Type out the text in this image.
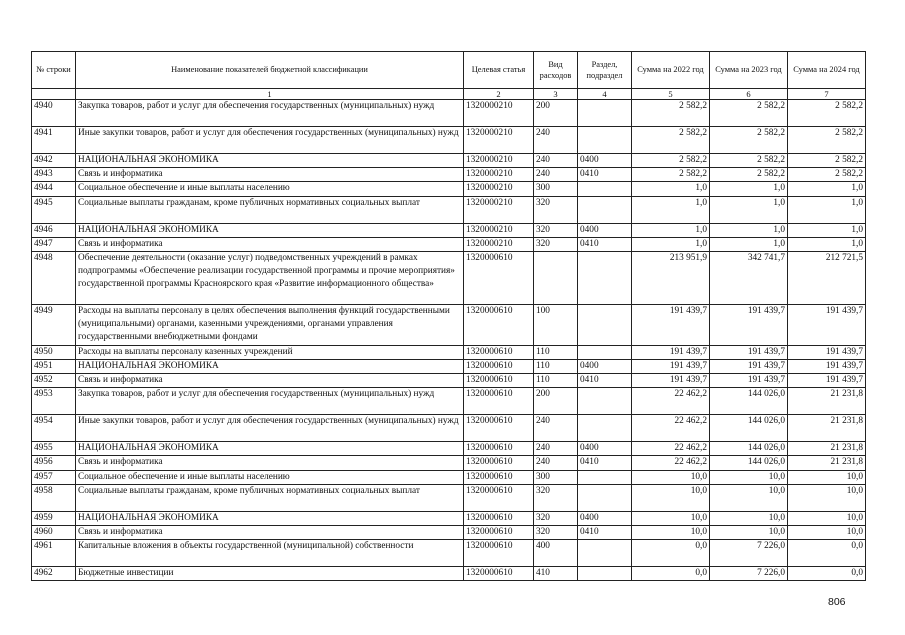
№ строки	Наименование показателей бюджетной классификации	Целевая статья	Вид расходов	Раздел, подраздел	Сумма на 2022 год	Сумма на 2023 год	Сумма на 2024 год
	1	2	3	4	5	6	7
4940	Закупка товаров, работ и услуг для обеспечения государственных (муниципальных) нужд	1320000210	200		2 582,2	2 582,2	2 582,2
4941	Иные закупки товаров, работ и услуг для обеспечения государственных (муниципальных) нужд	1320000210	240		2 582,2	2 582,2	2 582,2
4942	НАЦИОНАЛЬНАЯ ЭКОНОМИКА	1320000210	240	0400	2 582,2	2 582,2	2 582,2
4943	Связь и информатика	1320000210	240	0410	2 582,2	2 582,2	2 582,2
4944	Социальное обеспечение и иные выплаты населению	1320000210	300		1,0	1,0	1,0
4945	Социальные выплаты гражданам, кроме публичных нормативных социальных выплат	1320000210	320		1,0	1,0	1,0
4946	НАЦИОНАЛЬНАЯ ЭКОНОМИКА	1320000210	320	0400	1,0	1,0	1,0
4947	Связь и информатика	1320000210	320	0410	1,0	1,0	1,0
4948	Обеспечение деятельности (оказание услуг) подведомственных учреждений в рамках подпрограммы «Обеспечение реализации государственной программы и прочие мероприятия» государственной программы Красноярского края «Развитие информационного общества»	1320000610			213 951,9	342 741,7	212 721,5
4949	Расходы на выплаты персоналу в целях обеспечения выполнения функций государственными (муниципальными) органами, казенными учреждениями, органами управления государственными внебюджетными фондами	1320000610	100		191 439,7	191 439,7	191 439,7
4950	Расходы на выплаты персоналу казенных учреждений	1320000610	110		191 439,7	191 439,7	191 439,7
4951	НАЦИОНАЛЬНАЯ ЭКОНОМИКА	1320000610	110	0400	191 439,7	191 439,7	191 439,7
4952	Связь и информатика	1320000610	110	0410	191 439,7	191 439,7	191 439,7
4953	Закупка товаров, работ и услуг для обеспечения государственных (муниципальных) нужд	1320000610	200		22 462,2	144 026,0	21 231,8
4954	Иные закупки товаров, работ и услуг для обеспечения государственных (муниципальных) нужд	1320000610	240		22 462,2	144 026,0	21 231,8
4955	НАЦИОНАЛЬНАЯ ЭКОНОМИКА	1320000610	240	0400	22 462,2	144 026,0	21 231,8
4956	Связь и информатика	1320000610	240	0410	22 462,2	144 026,0	21 231,8
4957	Социальное обеспечение и иные выплаты населению	1320000610	300		10,0	10,0	10,0
4958	Социальные выплаты гражданам, кроме публичных нормативных социальных выплат	1320000610	320		10,0	10,0	10,0
4959	НАЦИОНАЛЬНАЯ ЭКОНОМИКА	1320000610	320	0400	10,0	10,0	10,0
4960	Связь и информатика	1320000610	320	0410	10,0	10,0	10,0
4961	Капитальные вложения в объекты государственной (муниципальной) собственности	1320000610	400		0,0	7 226,0	0,0
4962	Бюджетные инвестиции	1320000610	410		0,0	7 226,0	0,0
806
